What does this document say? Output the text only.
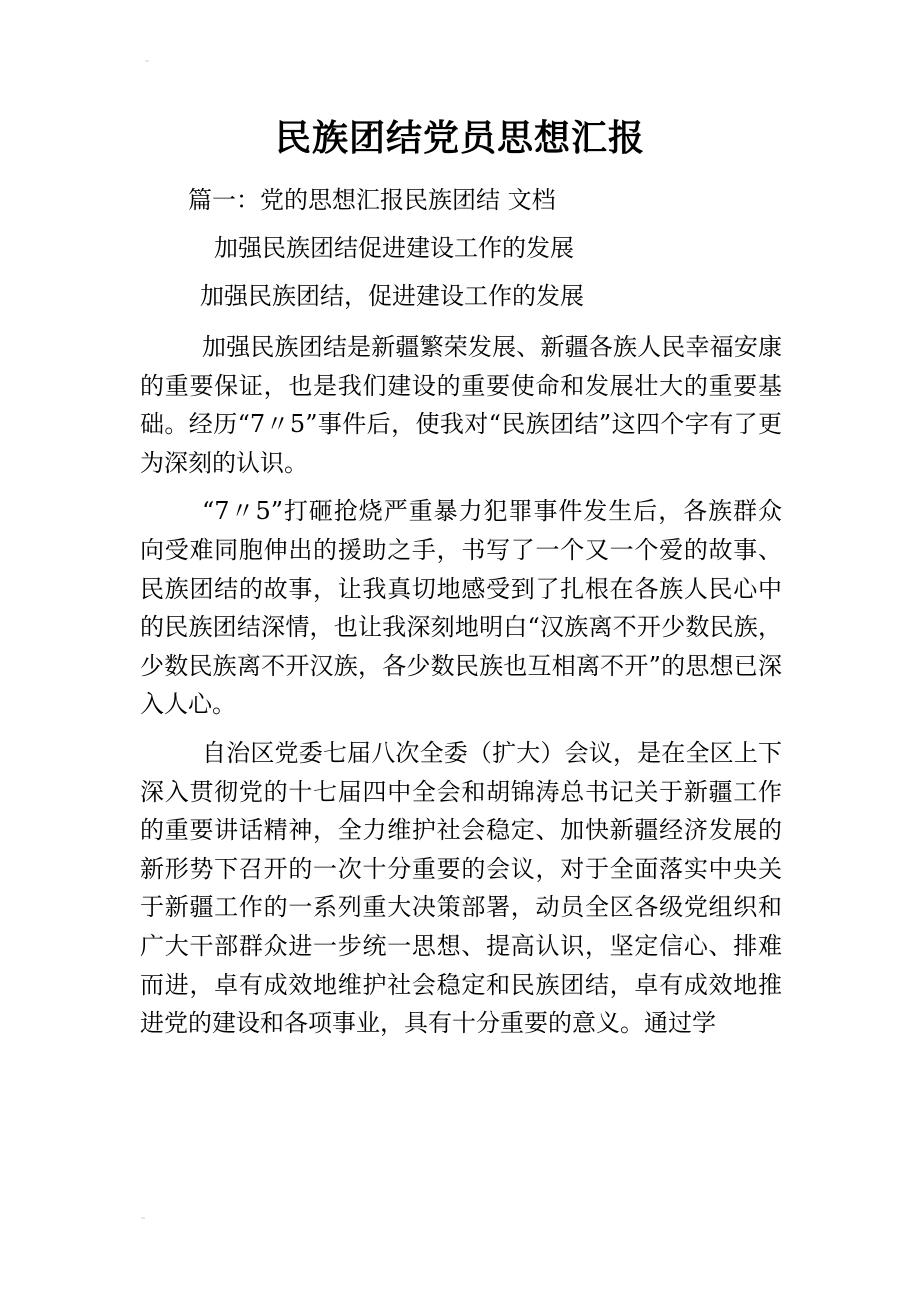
民族团结党员思想汇报

篇一：党的思想汇报民族团结 文档

加强民族团结促进建设工作的发展

加强民族团结，促进建设工作的发展

加强民族团结是新疆繁荣发展、新疆各族人民幸福安康的重要保证，也是我们建设的重要使命和发展壮大的重要基础。经历“7〃5”事件后，使我对“民族团结”这四个字有了更为深刻的认识。

“7〃5”打砸抢烧严重暴力犯罪事件发生后，各族群众向受难同胞伸出的援助之手，书写了一个又一个爱的故事、民族团结的故事，让我真切地感受到了扎根在各族人民心中的民族团结深情，也让我深刻地明白“汉族离不开少数民族，少数民族离不开汉族，各少数民族也互相离不开”的思想已深入人心。

自治区党委七届八次全委（扩大）会议，是在全区上下深入贯彻党的十七届四中全会和胡锦涛总书记关于新疆工作的重要讲话精神，全力维护社会稳定、加快新疆经济发展的新形势下召开的一次十分重要的会议，对于全面落实中央关于新疆工作的一系列重大决策部署，动员全区各级党组织和广大干部群众进一步统一思想、提高认识，坚定信心、排难而进，卓有成效地维护社会稳定和民族团结，卓有成效地推进党的建设和各项事业，具有十分重要的意义。通过学
